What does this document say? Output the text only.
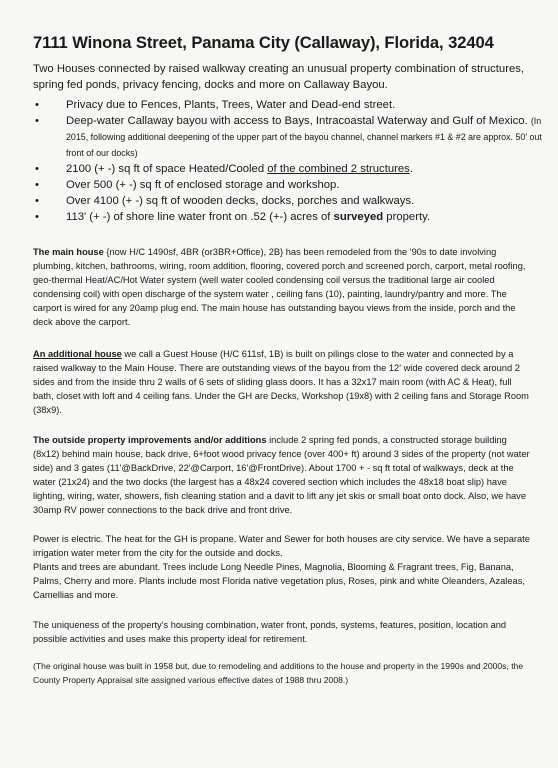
7111 Winona Street, Panama City (Callaway), Florida, 32404
Two Houses connected by raised walkway creating an unusual property combination of structures, spring fed ponds, privacy fencing, docks and more on Callaway Bayou.
• Privacy due to Fences, Plants, Trees, Water and Dead-end street.
• Deep-water Callaway bayou with access to Bays, Intracoastal Waterway and Gulf of Mexico. (In 2015, following additional deepening of the upper part of the bayou channel, channel markers #1 & #2 are approx. 50' out front of our docks)
• 2100 (+ -) sq ft of space Heated/Cooled of the combined 2 structures.
• Over 500 (+ -) sq ft of enclosed storage and workshop.
• Over 4100 (+ -) sq ft of wooden decks, docks, porches and walkways.
• 113' (+ -) of shore line water front on .52 (+-) acres of surveyed property.
The main house {now H/C 1490sf, 4BR (or3BR+Office), 2B} has been remodeled from the '90s to date involving plumbing, kitchen, bathrooms, wiring, room addition, flooring, covered porch and screened porch, carport, metal roofing, geo-thermal Heat/AC/Hot Water system (well water cooled condensing coil versus the traditional large air cooled condensing coil) with open discharge of the system water , ceiling fans (10), painting, laundry/pantry and more. The carport is wired for any 20amp plug end. The main house has outstanding bayou views from the inside, porch and the deck above the carport.
An additional house we call a Guest House (H/C 611sf, 1B) is built on pilings close to the water and connected by a raised walkway to the Main House. There are outstanding views of the bayou from the 12' wide covered deck around 2 sides and from the inside thru 2 walls of 6 sets of sliding glass doors. It has a 32x17 main room (with AC & Heat), full bath, closet with loft and 4 ceiling fans. Under the GH are Decks, Workshop (19x8) with 2 ceiling fans and Storage Room (38x9).
The outside property improvements and/or additions include 2 spring fed ponds, a constructed storage building (8x12) behind main house, back drive, 6+foot wood privacy fence (over 400+ ft) around 3 sides of the property (not water side) and 3 gates (11'@BackDrive, 22'@Carport, 16'@FrontDrive). About 1700 + - sq ft total of walkways, deck at the water (21x24) and the two docks (the largest has a 48x24 covered section which includes the 48x18 boat slip) have lighting, wiring, water, showers, fish cleaning station and a davit to lift any jet skis or small boat onto dock. Also, we have 30amp RV power connections to the back drive and front drive.
Power is electric. The heat for the GH is propane. Water and Sewer for both houses are city service. We have a separate irrigation water meter from the city for the outside and docks.
Plants and trees are abundant. Trees include Long Needle Pines, Magnolia, Blooming & Fragrant trees, Fig, Banana, Palms, Cherry and more. Plants include most Florida native vegetation plus, Roses, pink and white Oleanders, Azaleas, Camellias and more.
The uniqueness of the property's housing combination, water front, ponds, systems, features, position, location and possible activities and uses make this property ideal for retirement.
(The original house was built in 1958 but, due to remodeling and additions to the house and property in the 1990s and 2000s, the County Property Appraisal site assigned various effective dates of 1988 thru 2008.)
